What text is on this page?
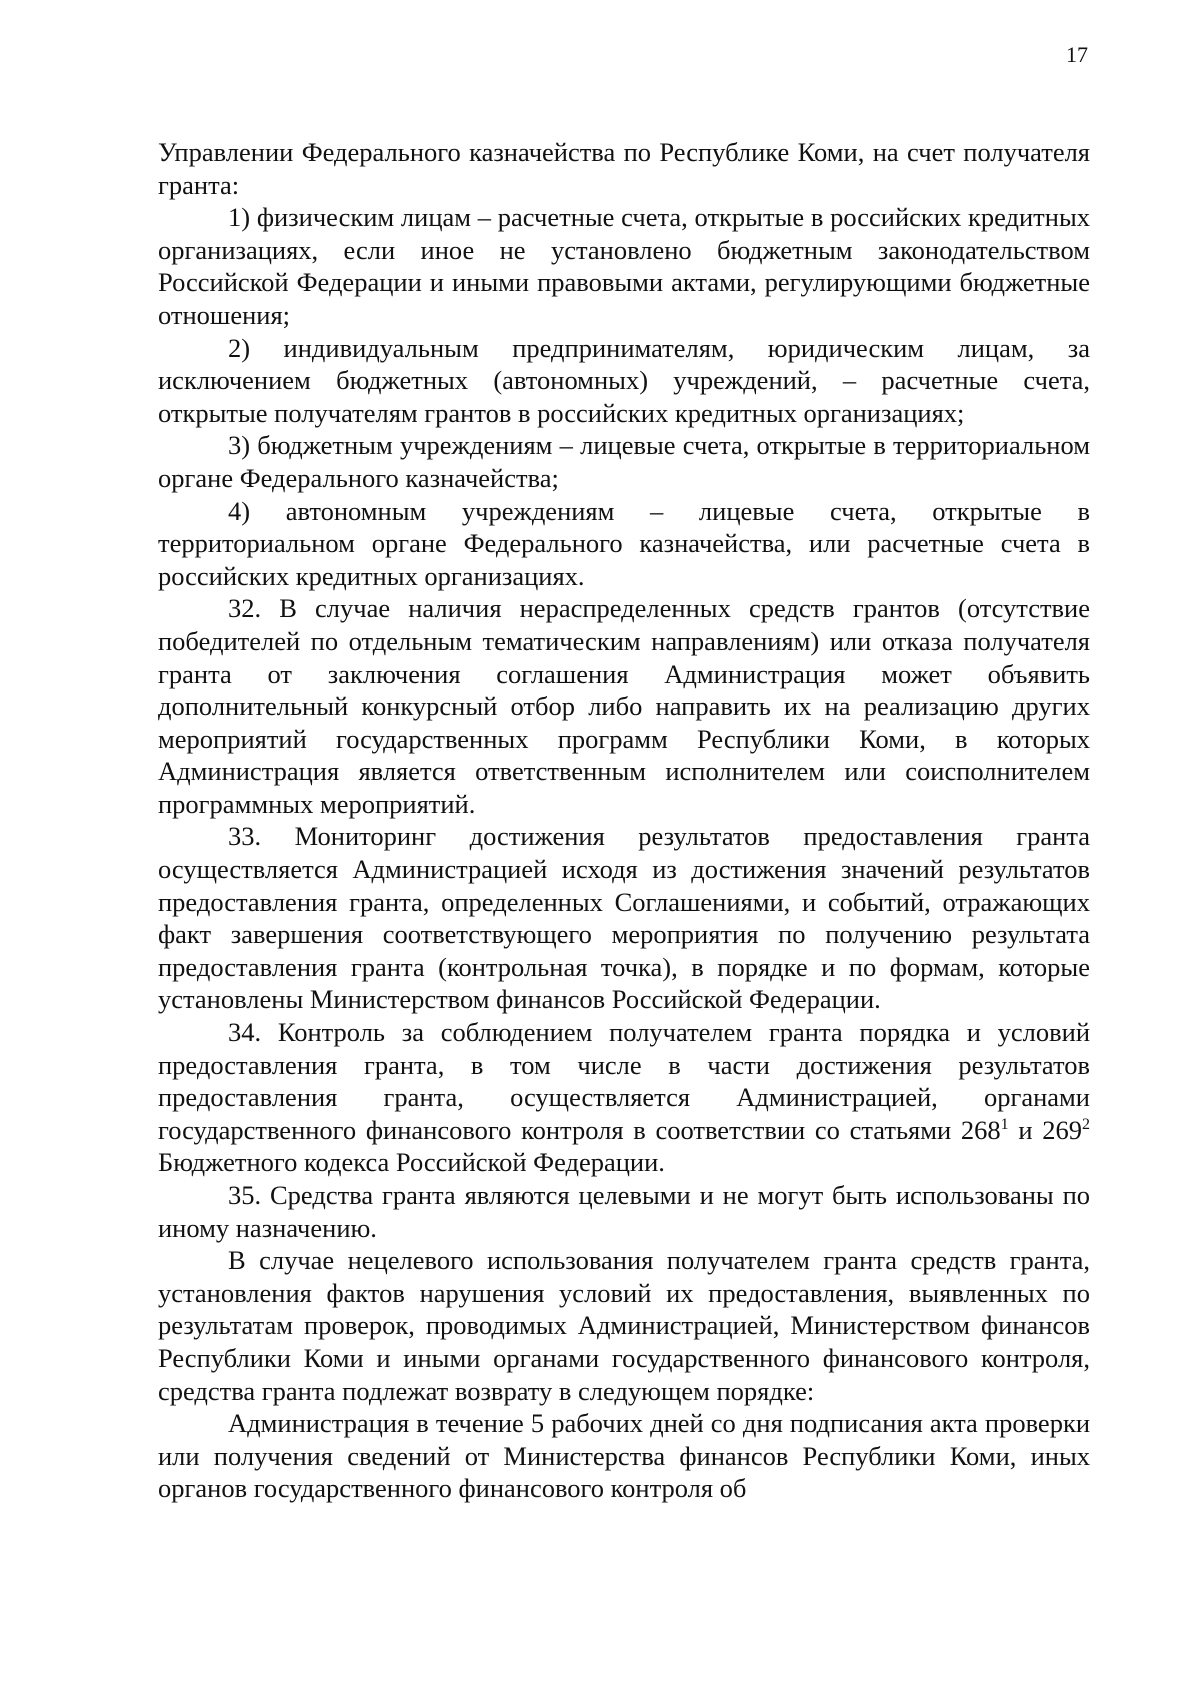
17

Управлении Федерального казначейства по Республике Коми, на счет получателя гранта:

1) физическим лицам – расчетные счета, открытые в российских кредитных организациях, если иное не установлено бюджетным законодательством Российской Федерации и иными правовыми актами, регулирующими бюджетные отношения;

2) индивидуальным предпринимателям, юридическим лицам, за исключением бюджетных (автономных) учреждений, – расчетные счета, открытые получателям грантов в российских кредитных организациях;

3) бюджетным учреждениям – лицевые счета, открытые в территориальном органе Федерального казначейства;

4) автономным учреждениям – лицевые счета, открытые в территориальном органе Федерального казначейства, или расчетные счета в российских кредитных организациях.

32. В случае наличия нераспределенных средств грантов (отсутствие победителей по отдельным тематическим направлениям) или отказа получателя гранта от заключения соглашения Администрация может объявить дополнительный конкурсный отбор либо направить их на реализацию других мероприятий государственных программ Республики Коми, в которых Администрация является ответственным исполнителем или соисполнителем программных мероприятий.

33. Мониторинг достижения результатов предоставления гранта осуществляется Администрацией исходя из достижения значений результатов предоставления гранта, определенных Соглашениями, и событий, отражающих факт завершения соответствующего мероприятия по получению результата предоставления гранта (контрольная точка), в порядке и по формам, которые установлены Министерством финансов Российской Федерации.

34. Контроль за соблюдением получателем гранта порядка и условий предоставления гранта, в том числе в части достижения результатов предоставления гранта, осуществляется Администрацией, органами государственного финансового контроля в соответствии со статьями $268^1$ и $269^2$ Бюджетного кодекса Российской Федерации.

35. Средства гранта являются целевыми и не могут быть использованы по иному назначению.

В случае нецелевого использования получателем гранта средств гранта, установления фактов нарушения условий их предоставления, выявленных по результатам проверок, проводимых Администрацией, Министерством финансов Республики Коми и иными органами государственного финансового контроля, средства гранта подлежат возврату в следующем порядке:

Администрация в течение 5 рабочих дней со дня подписания акта проверки или получения сведений от Министерства финансов Республики Коми, иных органов государственного финансового контроля об
